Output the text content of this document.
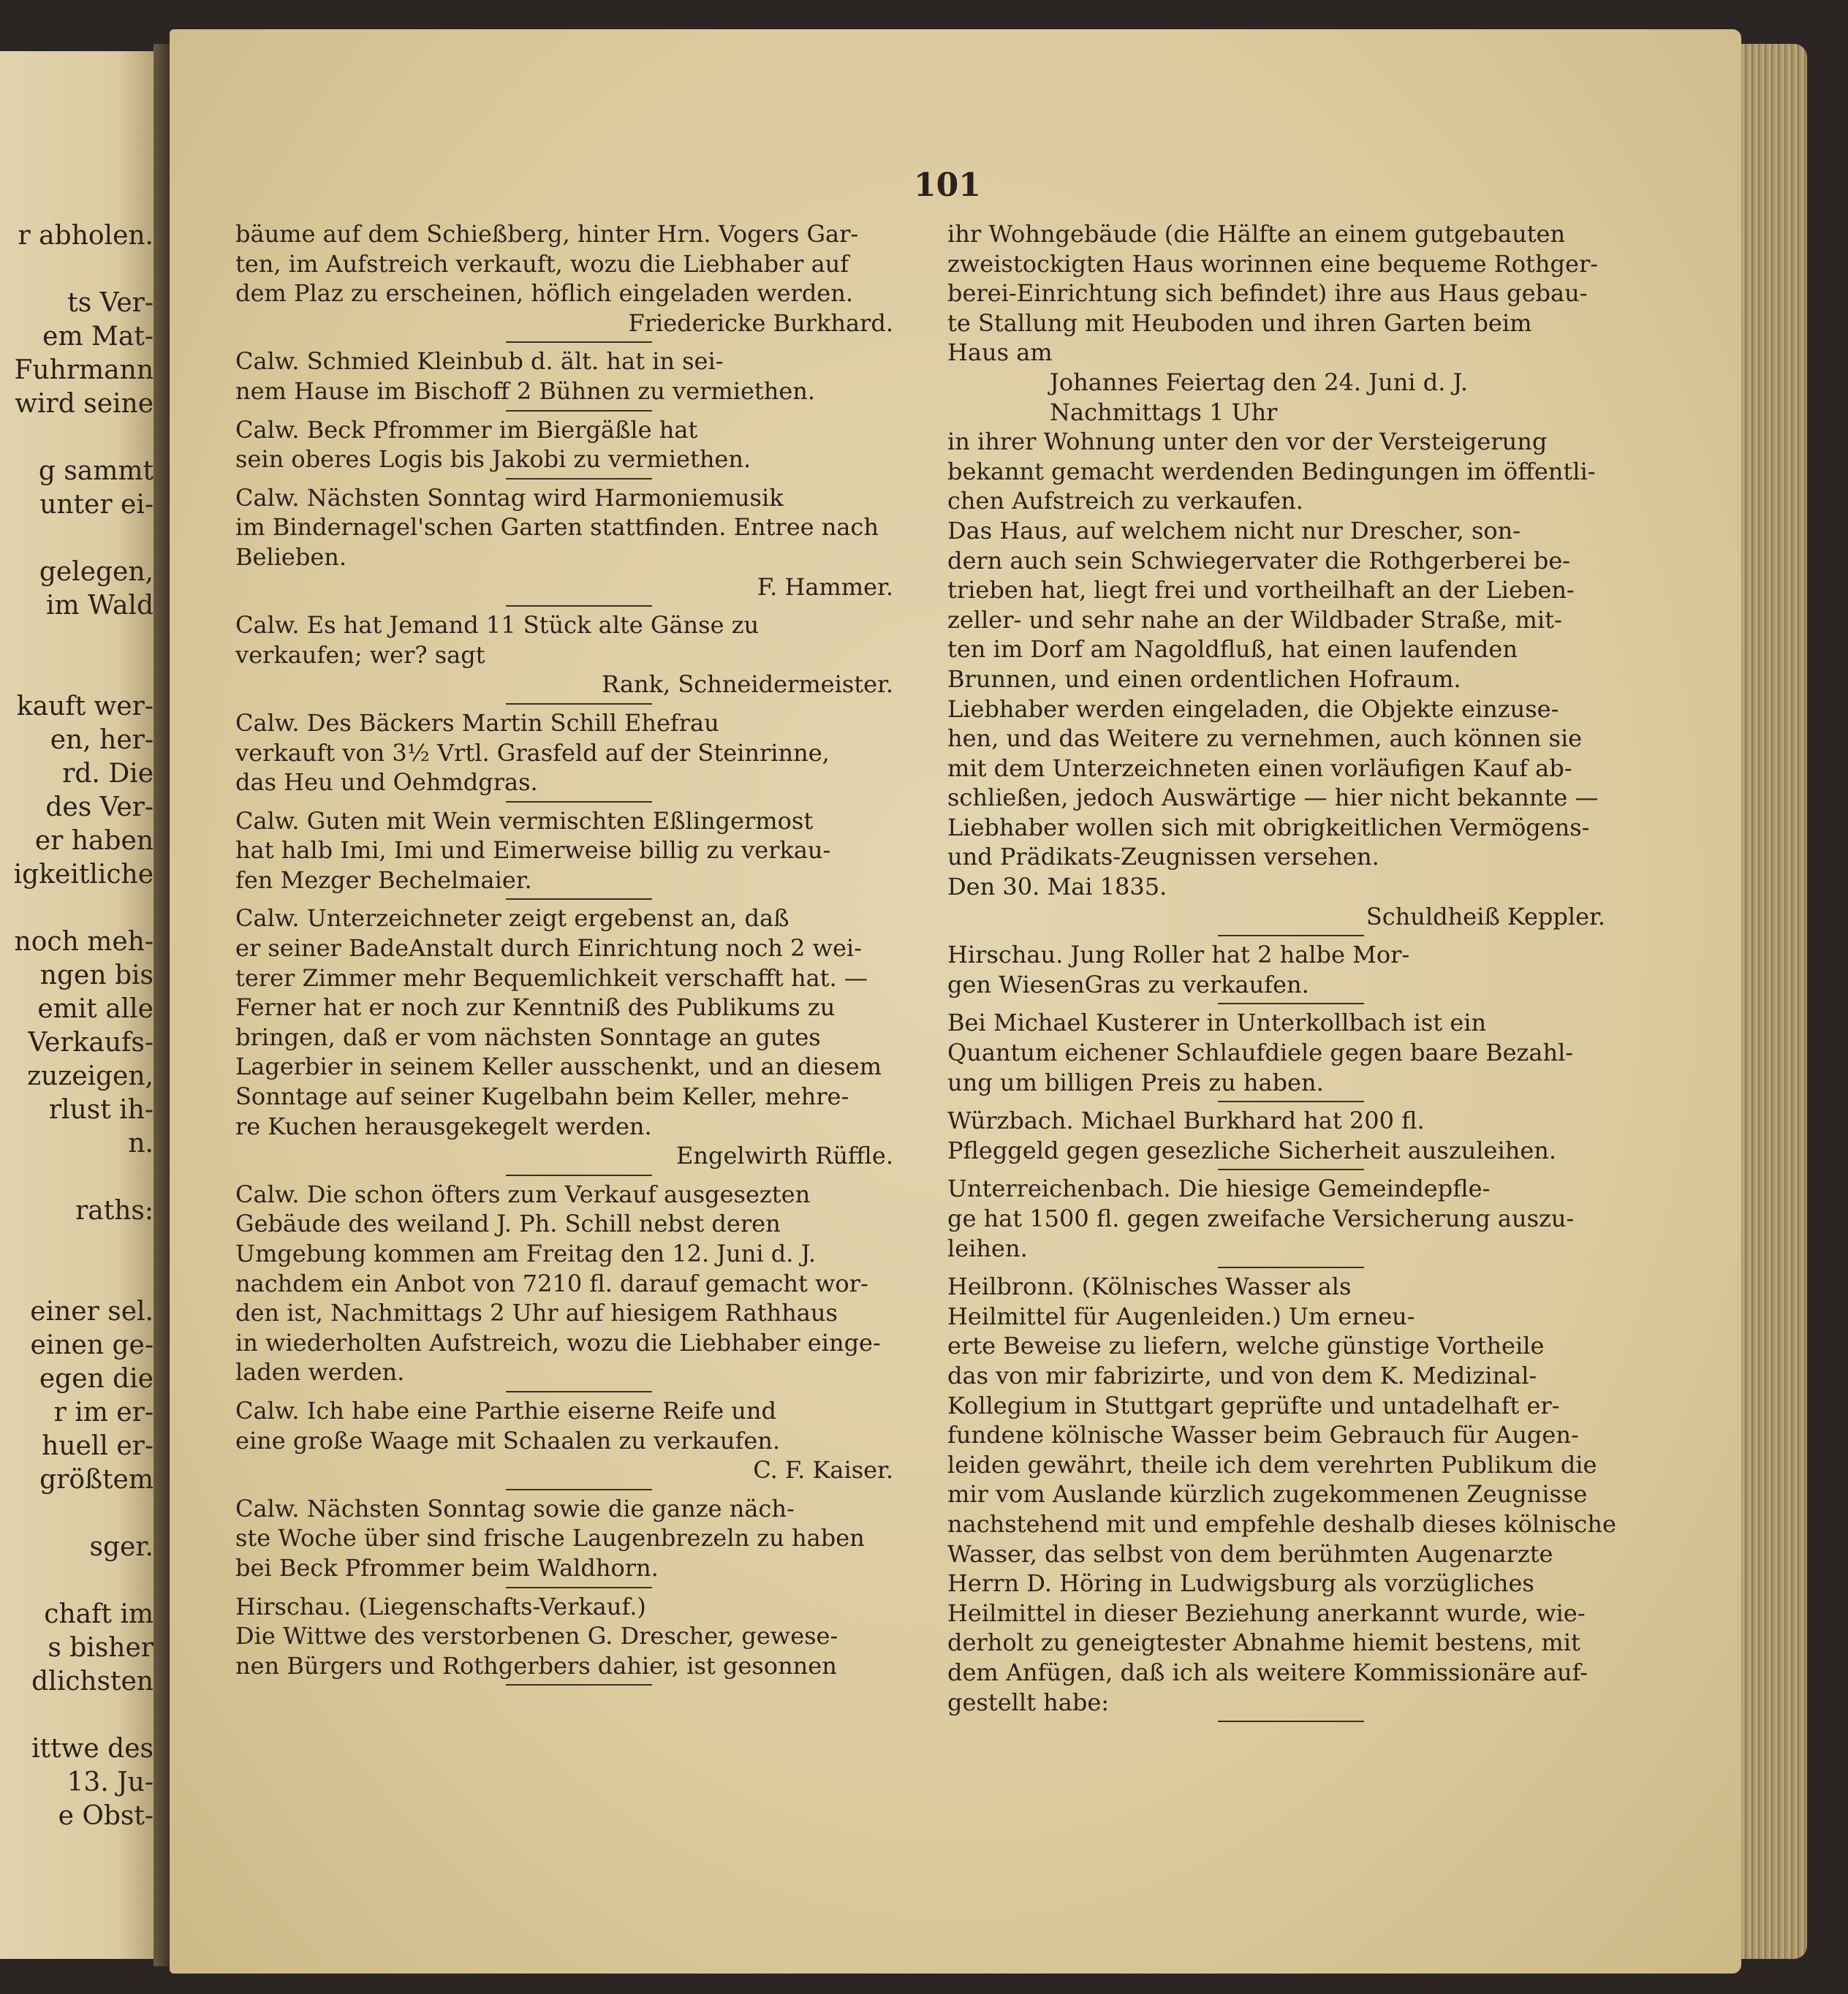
r abholen.
ts Ver-
em Mat-
Fuhrmann
wird seine
g sammt
unter ei-
gelegen,
im Wald
kauft wer-
en, her-
rd. Die
des Ver-
er haben
igkeitliche
noch meh-
ngen bis
emit alle
Verkaufs-
zuzeigen,
rlust ih-
n.
raths:
einer sel.
einen ge-
egen die
r im er-
huell er-
größtem
sger.
chaft im
s bisher
dlichsten
ittwe des
13. Ju-
e Obst-
101
bäume auf dem Schießberg, hinter Hrn. Vogers Gar-
ten, im Aufstreich verkauft, wozu die Liebhaber auf
dem Plaz zu erscheinen, höflich eingeladen werden.
Friedericke Burkhard.
Calw. Schmied Kleinbub d. ält. hat in sei-
nem Hause im Bischoff 2 Bühnen zu vermiethen.
Calw. Beck Pfrommer im Biergäßle hat
sein oberes Logis bis Jakobi zu vermiethen.
Calw. Nächsten Sonntag wird Harmoniemusik
im Bindernagel'schen Garten stattfinden. Entree nach
Belieben.
F. Hammer.
Calw. Es hat Jemand 11 Stück alte Gänse zu
verkaufen; wer? sagt
Rank, Schneidermeister.
Calw. Des Bäckers Martin Schill Ehefrau
verkauft von 3½ Vrtl. Grasfeld auf der Steinrinne,
das Heu und Oehmdgras.
Calw. Guten mit Wein vermischten Eßlingermost
hat halb Imi, Imi und Eimerweise billig zu verkau-
fen Mezger Bechelmaier.
Calw. Unterzeichneter zeigt ergebenst an, daß
er seiner BadeAnstalt durch Einrichtung noch 2 wei-
terer Zimmer mehr Bequemlichkeit verschafft hat. —
Ferner hat er noch zur Kenntniß des Publikums zu
bringen, daß er vom nächsten Sonntage an gutes
Lagerbier in seinem Keller ausschenkt, und an diesem
Sonntage auf seiner Kugelbahn beim Keller, mehre-
re Kuchen herausgekegelt werden.
Engelwirth Rüffle.
Calw. Die schon öfters zum Verkauf ausgesezten
Gebäude des weiland J. Ph. Schill nebst deren
Umgebung kommen am Freitag den 12. Juni d. J.
nachdem ein Anbot von 7210 fl. darauf gemacht wor-
den ist, Nachmittags 2 Uhr auf hiesigem Rathhaus
in wiederholten Aufstreich, wozu die Liebhaber einge-
laden werden.
Calw. Ich habe eine Parthie eiserne Reife und
eine große Waage mit Schaalen zu verkaufen.
C. F. Kaiser.
Calw. Nächsten Sonntag sowie die ganze näch-
ste Woche über sind frische Laugenbrezeln zu haben
bei Beck Pfrommer beim Waldhorn.
Hirschau. (Liegenschafts-Verkauf.)
Die Wittwe des verstorbenen G. Drescher, gewese-
nen Bürgers und Rothgerbers dahier, ist gesonnen
ihr Wohngebäude (die Hälfte an einem gutgebauten
zweistockigten Haus worinnen eine bequeme Rothger-
berei-Einrichtung sich befindet) ihre aus Haus gebau-
te Stallung mit Heuboden und ihren Garten beim
Haus am
Johannes Feiertag den 24. Juni d. J.
Nachmittags 1 Uhr
in ihrer Wohnung unter den vor der Versteigerung
bekannt gemacht werdenden Bedingungen im öffentli-
chen Aufstreich zu verkaufen.
Das Haus, auf welchem nicht nur Drescher, son-
dern auch sein Schwiegervater die Rothgerberei be-
trieben hat, liegt frei und vortheilhaft an der Lieben-
zeller- und sehr nahe an der Wildbader Straße, mit-
ten im Dorf am Nagoldfluß, hat einen laufenden
Brunnen, und einen ordentlichen Hofraum.
Liebhaber werden eingeladen, die Objekte einzuse-
hen, und das Weitere zu vernehmen, auch können sie
mit dem Unterzeichneten einen vorläufigen Kauf ab-
schließen, jedoch Auswärtige — hier nicht bekannte —
Liebhaber wollen sich mit obrigkeitlichen Vermögens-
und Prädikats-Zeugnissen versehen.
Den 30. Mai 1835.
Schuldheiß Keppler.
Hirschau. Jung Roller hat 2 halbe Mor-
gen WiesenGras zu verkaufen.
Bei Michael Kusterer in Unterkollbach ist ein
Quantum eichener Schlaufdiele gegen baare Bezahl-
ung um billigen Preis zu haben.
Würzbach. Michael Burkhard hat 200 fl.
Pfleggeld gegen gesezliche Sicherheit auszuleihen.
Unterreichenbach. Die hiesige Gemeindepfle-
ge hat 1500 fl. gegen zweifache Versicherung auszu-
leihen.
Heilbronn. (Kölnisches Wasser als
Heilmittel für Augenleiden.) Um erneu-
erte Beweise zu liefern, welche günstige Vortheile
das von mir fabrizirte, und von dem K. Medizinal-
Kollegium in Stuttgart geprüfte und untadelhaft er-
fundene kölnische Wasser beim Gebrauch für Augen-
leiden gewährt, theile ich dem verehrten Publikum die
mir vom Auslande kürzlich zugekommenen Zeugnisse
nachstehend mit und empfehle deshalb dieses kölnische
Wasser, das selbst von dem berühmten Augenarzte
Herrn D. Höring in Ludwigsburg als vorzügliches
Heilmittel in dieser Beziehung anerkannt wurde, wie-
derholt zu geneigtester Abnahme hiemit bestens, mit
dem Anfügen, daß ich als weitere Kommissionäre auf-
gestellt habe:
